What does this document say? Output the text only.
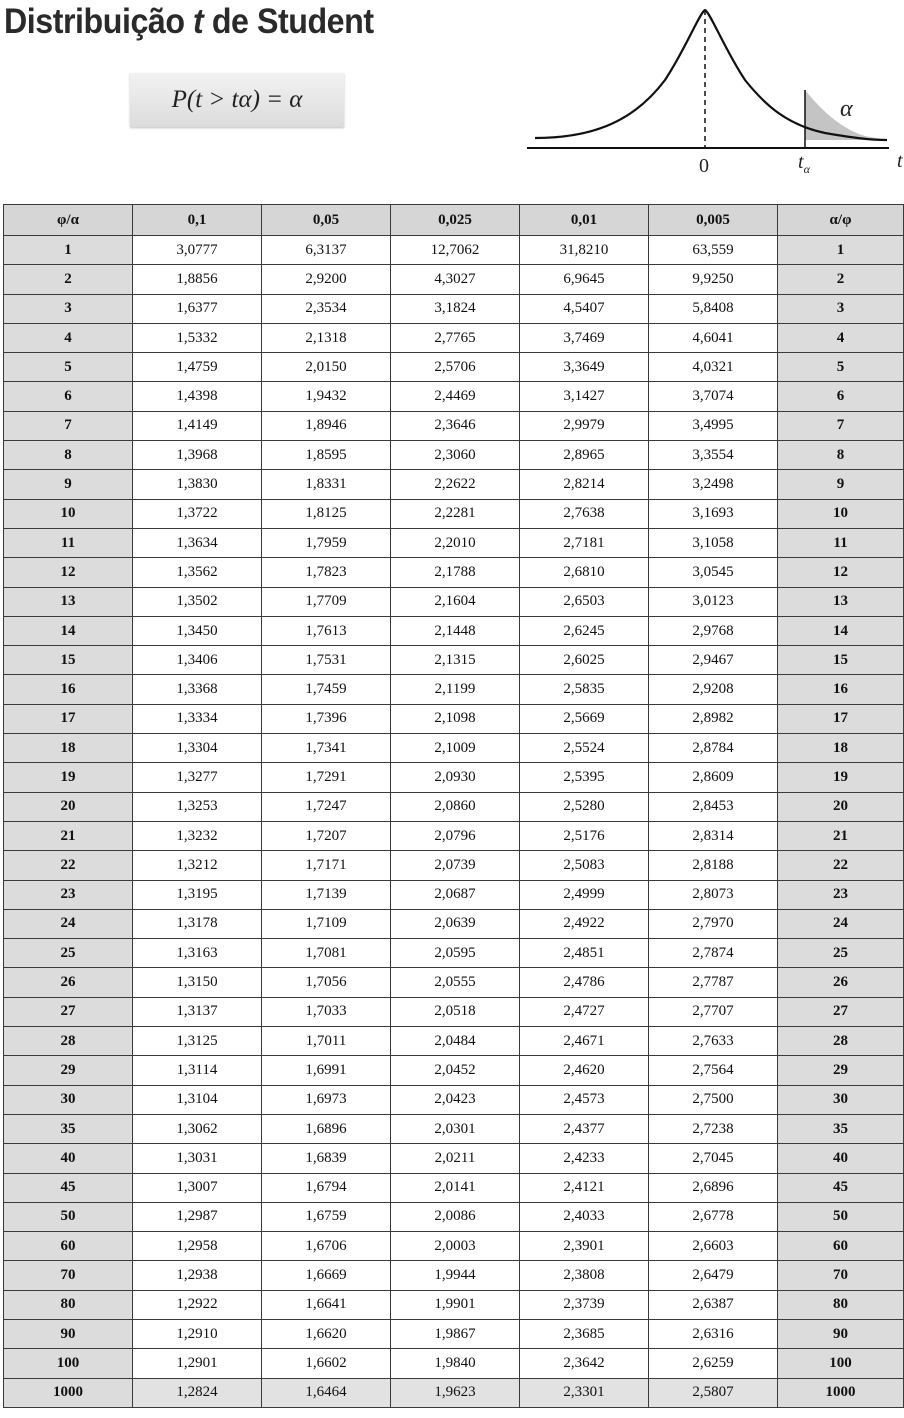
Distribuição t de Student
P(t > tα) = α
0	$t_\alpha$
α
t
φ/α	0,1	0,05	0,025	0,01	0,005	α/φ
1	3,0777	6,3137	12,7062	31,8210	63,559	1
2	1,8856	2,9200	4,3027	6,9645	9,9250	2
3	1,6377	2,3534	3,1824	4,5407	5,8408	3
4	1,5332	2,1318	2,7765	3,7469	4,6041	4
5	1,4759	2,0150	2,5706	3,3649	4,0321	5
6	1,4398	1,9432	2,4469	3,1427	3,7074	6
7	1,4149	1,8946	2,3646	2,9979	3,4995	7
8	1,3968	1,8595	2,3060	2,8965	3,3554	8
9	1,3830	1,8331	2,2622	2,8214	3,2498	9
10	1,3722	1,8125	2,2281	2,7638	3,1693	10
11	1,3634	1,7959	2,2010	2,7181	3,1058	11
12	1,3562	1,7823	2,1788	2,6810	3,0545	12
13	1,3502	1,7709	2,1604	2,6503	3,0123	13
14	1,3450	1,7613	2,1448	2,6245	2,9768	14
15	1,3406	1,7531	2,1315	2,6025	2,9467	15
16	1,3368	1,7459	2,1199	2,5835	2,9208	16
17	1,3334	1,7396	2,1098	2,5669	2,8982	17
18	1,3304	1,7341	2,1009	2,5524	2,8784	18
19	1,3277	1,7291	2,0930	2,5395	2,8609	19
20	1,3253	1,7247	2,0860	2,5280	2,8453	20
21	1,3232	1,7207	2,0796	2,5176	2,8314	21
22	1,3212	1,7171	2,0739	2,5083	2,8188	22
23	1,3195	1,7139	2,0687	2,4999	2,8073	23
24	1,3178	1,7109	2,0639	2,4922	2,7970	24
25	1,3163	1,7081	2,0595	2,4851	2,7874	25
26	1,3150	1,7056	2,0555	2,4786	2,7787	26
27	1,3137	1,7033	2,0518	2,4727	2,7707	27
28	1,3125	1,7011	2,0484	2,4671	2,7633	28
29	1,3114	1,6991	2,0452	2,4620	2,7564	29
30	1,3104	1,6973	2,0423	2,4573	2,7500	30
35	1,3062	1,6896	2,0301	2,4377	2,7238	35
40	1,3031	1,6839	2,0211	2,4233	2,7045	40
45	1,3007	1,6794	2,0141	2,4121	2,6896	45
50	1,2987	1,6759	2,0086	2,4033	2,6778	50
60	1,2958	1,6706	2,0003	2,3901	2,6603	60
70	1,2938	1,6669	1,9944	2,3808	2,6479	70
80	1,2922	1,6641	1,9901	2,3739	2,6387	80
90	1,2910	1,6620	1,9867	2,3685	2,6316	90
100	1,2901	1,6602	1,9840	2,3642	2,6259	100
1000	1,2824	1,6464	1,9623	2,3301	2,5807	1000
